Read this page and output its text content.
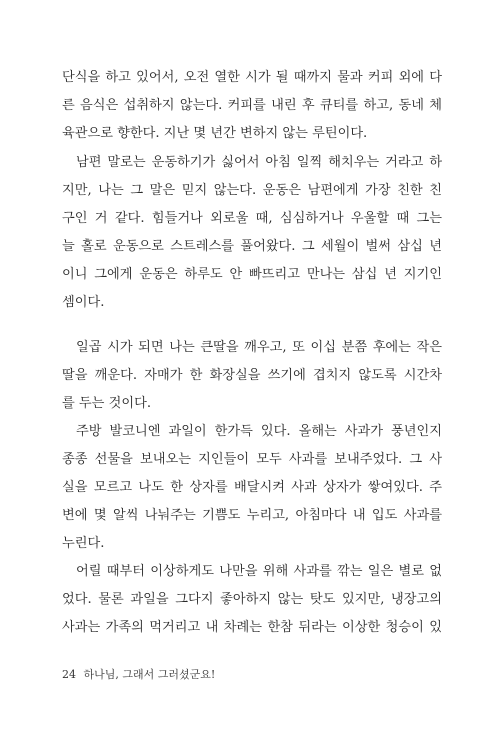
단식을 하고 있어서, 오전 열한 시가 될 때까지 물과 커피 외에 다
른 음식은 섭취하지 않는다. 커피를 내린 후 큐티를 하고, 동네 체
육관으로 향한다. 지난 몇 년간 변하지 않는 루틴이다.
남편 말로는 운동하기가 싫어서 아침 일찍 해치우는 거라고 하
지만, 나는 그 말은 믿지 않는다. 운동은 남편에게 가장 친한 친
구인 거 같다. 힘들거나 외로울 때, 심심하거나 우울할 때 그는
늘 홀로 운동으로 스트레스를 풀어왔다. 그 세월이 벌써 삼십 년
이니 그에게 운동은 하루도 안 빠뜨리고 만나는 삼십 년 지기인
셈이다.
일곱 시가 되면 나는 큰딸을 깨우고, 또 이십 분쯤 후에는 작은
딸을 깨운다. 자매가 한 화장실을 쓰기에 겹치지 않도록 시간차
를 두는 것이다.
주방 발코니엔 과일이 한가득 있다. 올해는 사과가 풍년인지
종종 선물을 보내오는 지인들이 모두 사과를 보내주었다. 그 사
실을 모르고 나도 한 상자를 배달시켜 사과 상자가 쌓여있다. 주
변에 몇 알씩 나눠주는 기쁨도 누리고, 아침마다 내 입도 사과를
누린다.
어릴 때부터 이상하게도 나만을 위해 사과를 깎는 일은 별로 없
었다. 물론 과일을 그다지 좋아하지 않는 탓도 있지만, 냉장고의
사과는 가족의 먹거리고 내 차례는 한참 뒤라는 이상한 청승이 있
24 하나님, 그래서 그러셨군요!
